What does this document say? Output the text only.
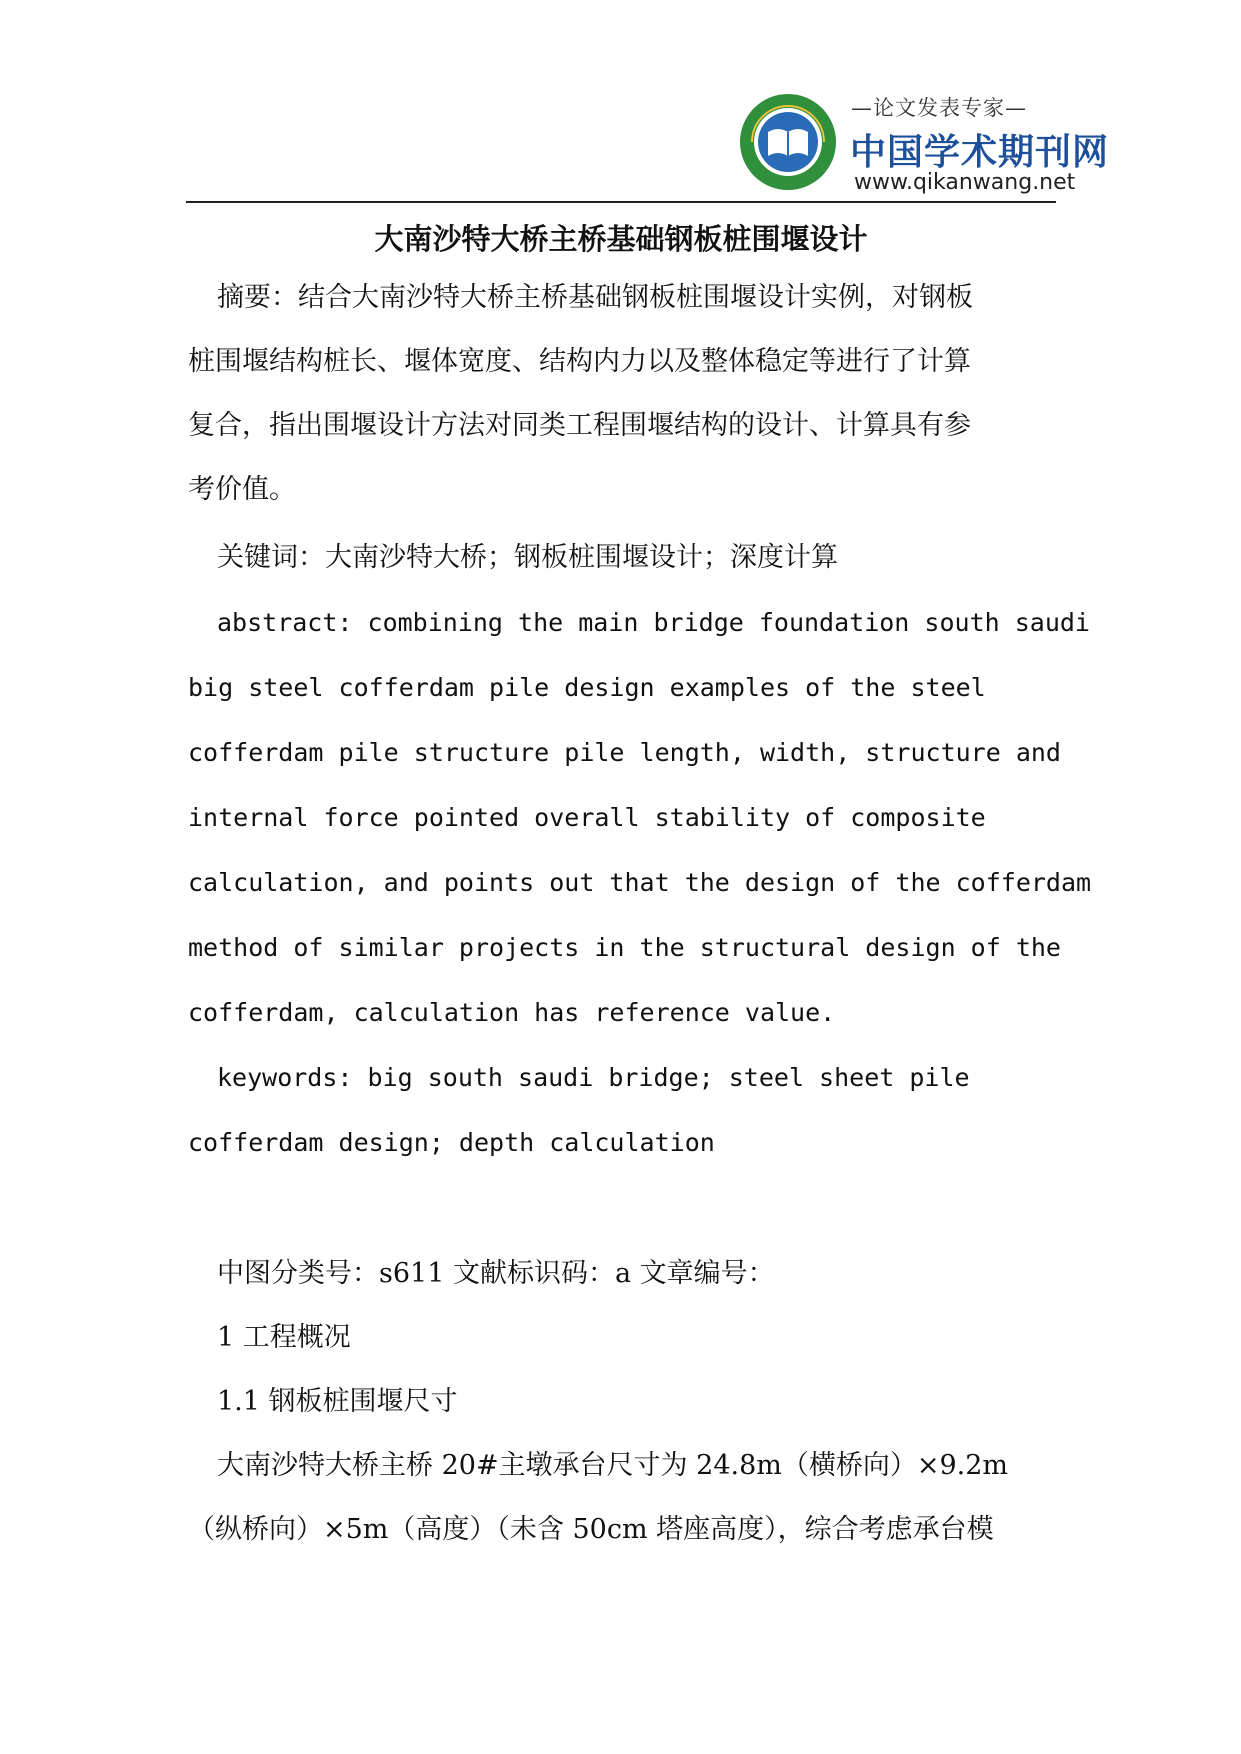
—论文发表专家—
中国学术期刊网
www.qikanwang.net
大南沙特大桥主桥基础钢板桩围堰设计
摘要：结合大南沙特大桥主桥基础钢板桩围堰设计实例，对钢板
桩围堰结构桩长、堰体宽度、结构内力以及整体稳定等进行了计算
复合，指出围堰设计方法对同类工程围堰结构的设计、计算具有参
考价值。
关键词：大南沙特大桥；钢板桩围堰设计；深度计算
abstract: combining the main bridge foundation south saudi
big steel cofferdam pile design examples of the steel
cofferdam pile structure pile length, width, structure and
internal force pointed overall stability of composite
calculation, and points out that the design of the cofferdam
method of similar projects in the structural design of the
cofferdam, calculation has reference value.
keywords: big south saudi bridge; steel sheet pile
cofferdam design; depth calculation
中图分类号：s611 文献标识码：a 文章编号：
1 工程概况
1.1 钢板桩围堰尺寸
大南沙特大桥主桥 20#主墩承台尺寸为 24.8m（横桥向）×9.2m
（纵桥向）×5m（高度）（未含 50cm 塔座高度），综合考虑承台模
